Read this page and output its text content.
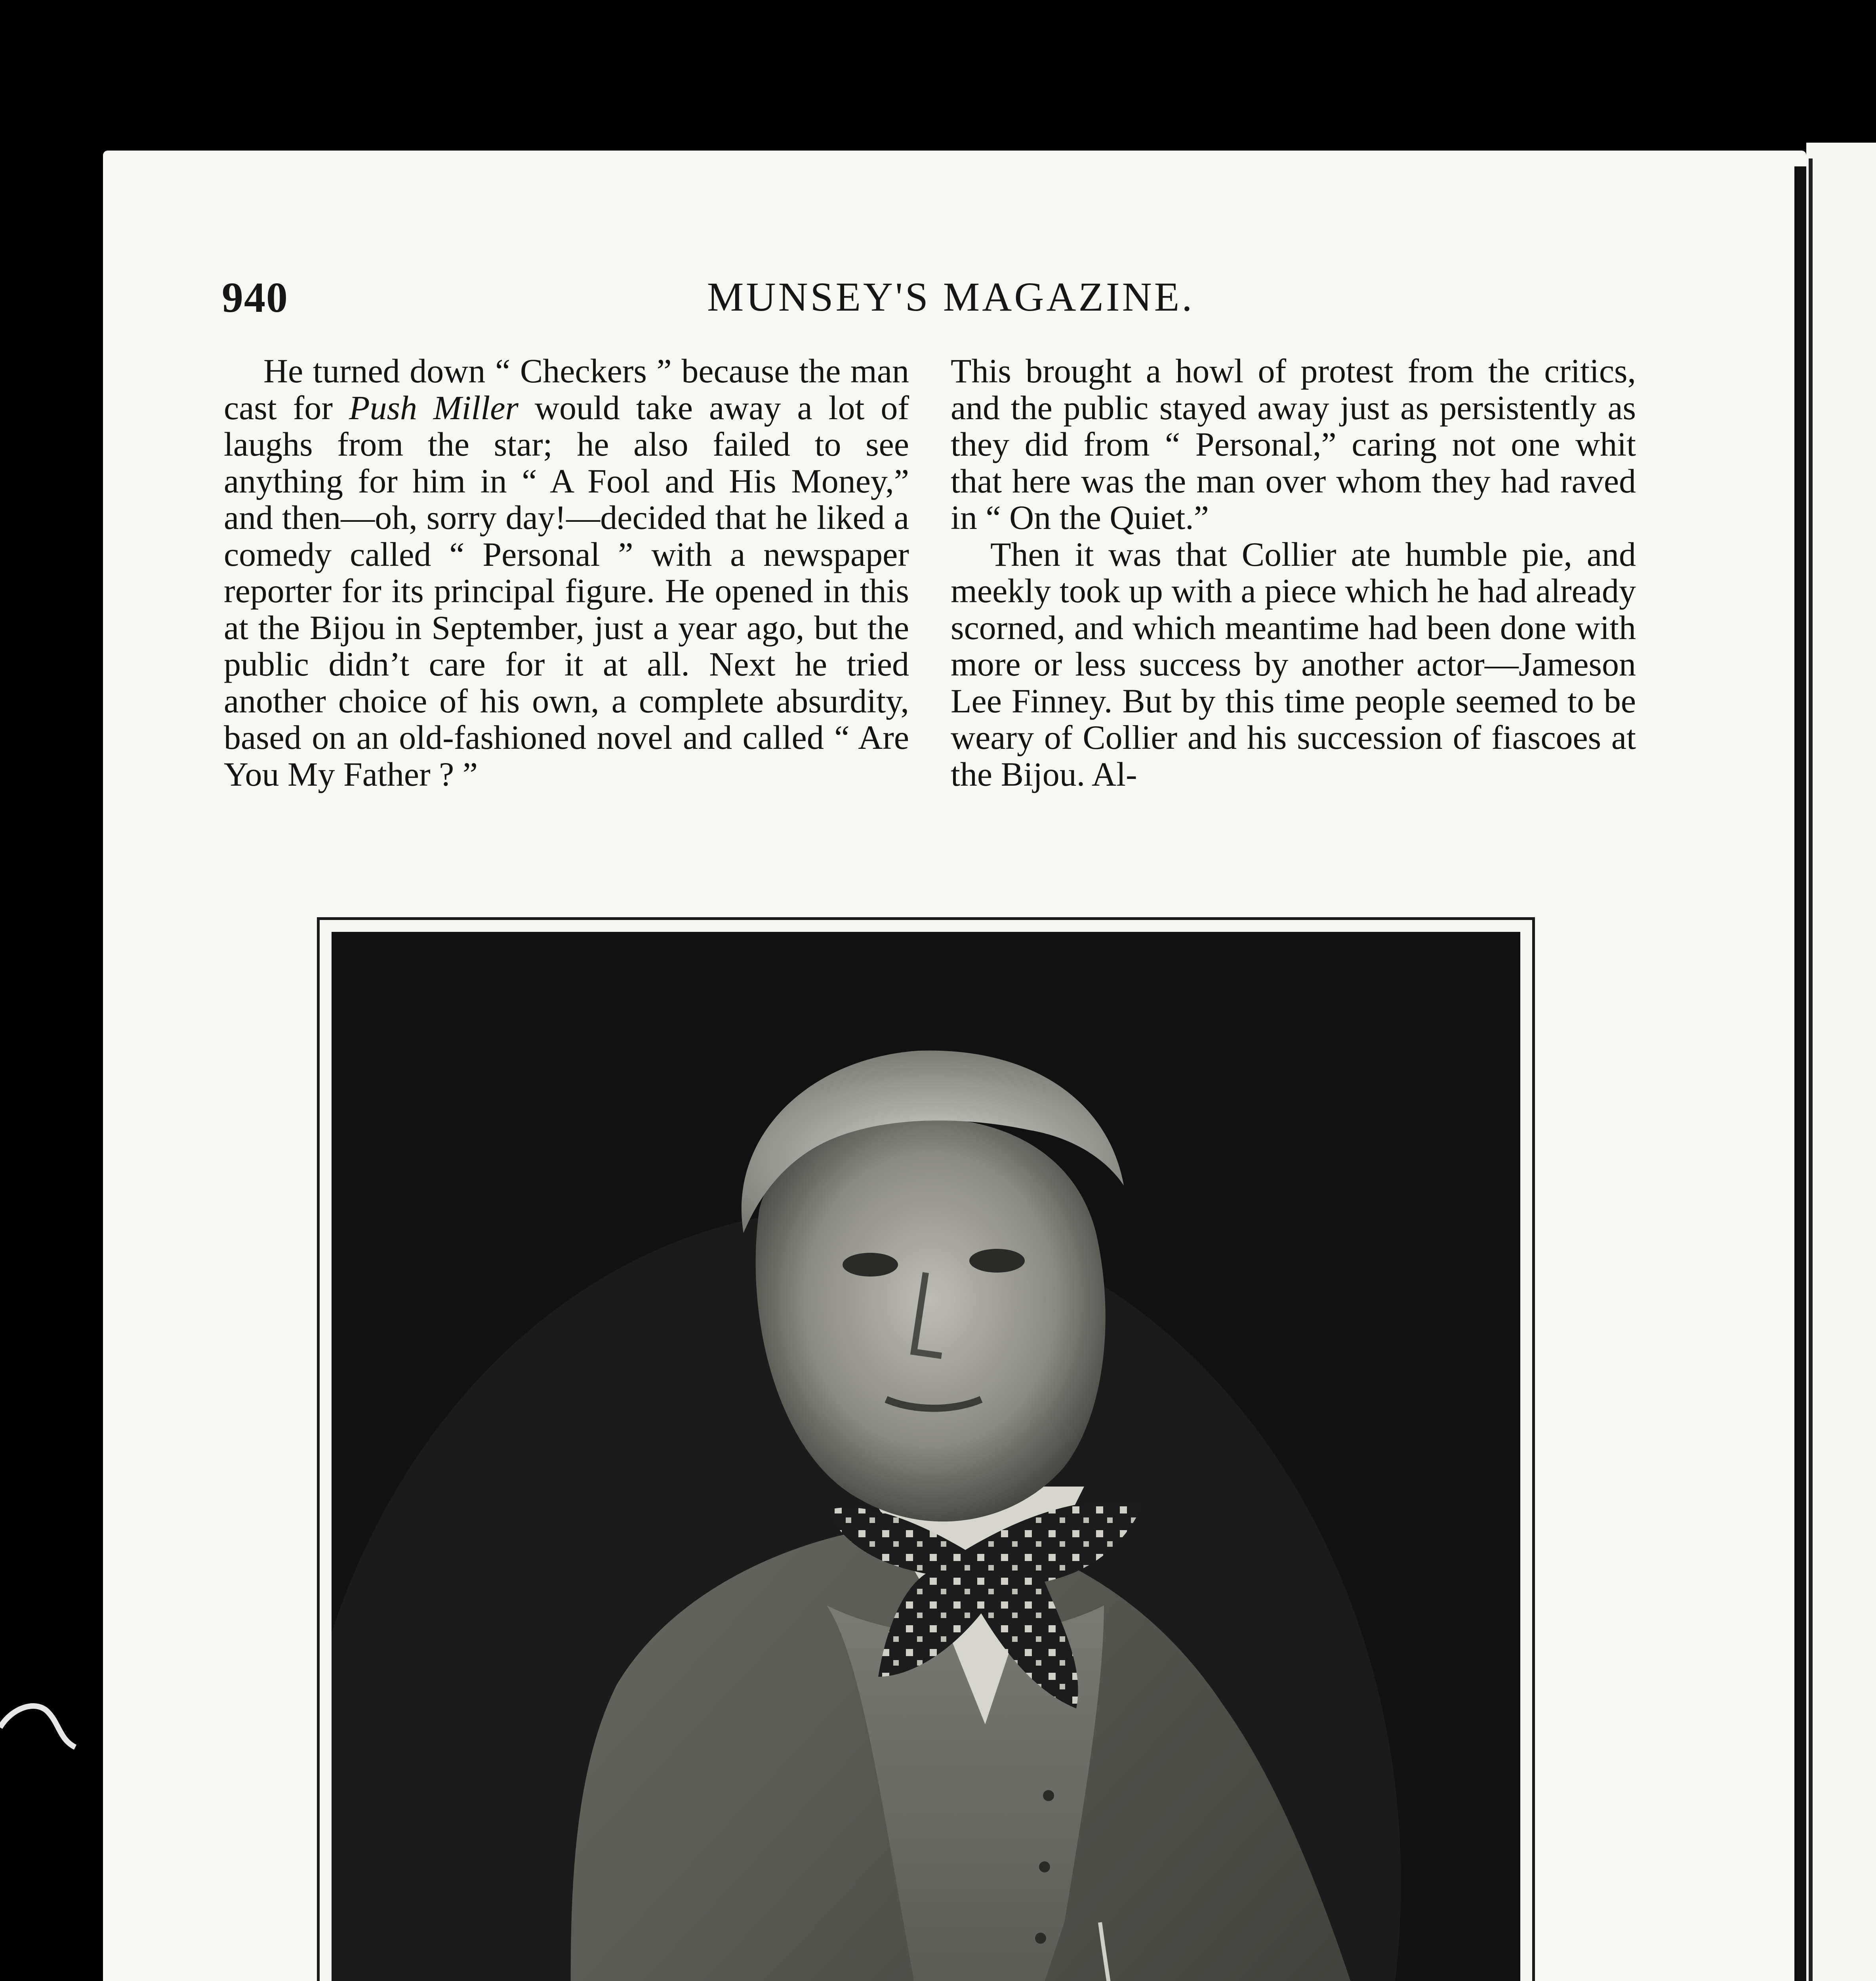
940	MUNSEY'S MAGAZINE.

He turned down “ Checkers ” because the man cast for Push Miller would take away a lot of laughs from the star; he also failed to see anything for him in “ A Fool and His Money,” and then—oh, sorry day!—decided that he liked a comedy called “ Personal ” with a newspaper reporter for its principal figure. He opened in this at the Bijou in September, just a year ago, but the public didn’t care for it at all. Next he tried another choice of his own, a complete absurdity, based on an old-fashioned novel and called “ Are You My Father ? ”

This brought a howl of protest from the critics, and the public stayed away just as persistently as they did from “ Personal,” caring not one whit that here was the man over whom they had raved in “ On the Quiet.”

Then it was that Collier ate humble pie, and meekly took up with a piece which he had already scorned, and which meantime had been done with more or less success by another actor—Jameson Lee Finney. But by this time people seemed to be weary of Collier and his succession of fiascoes at the Bijou. Al-
